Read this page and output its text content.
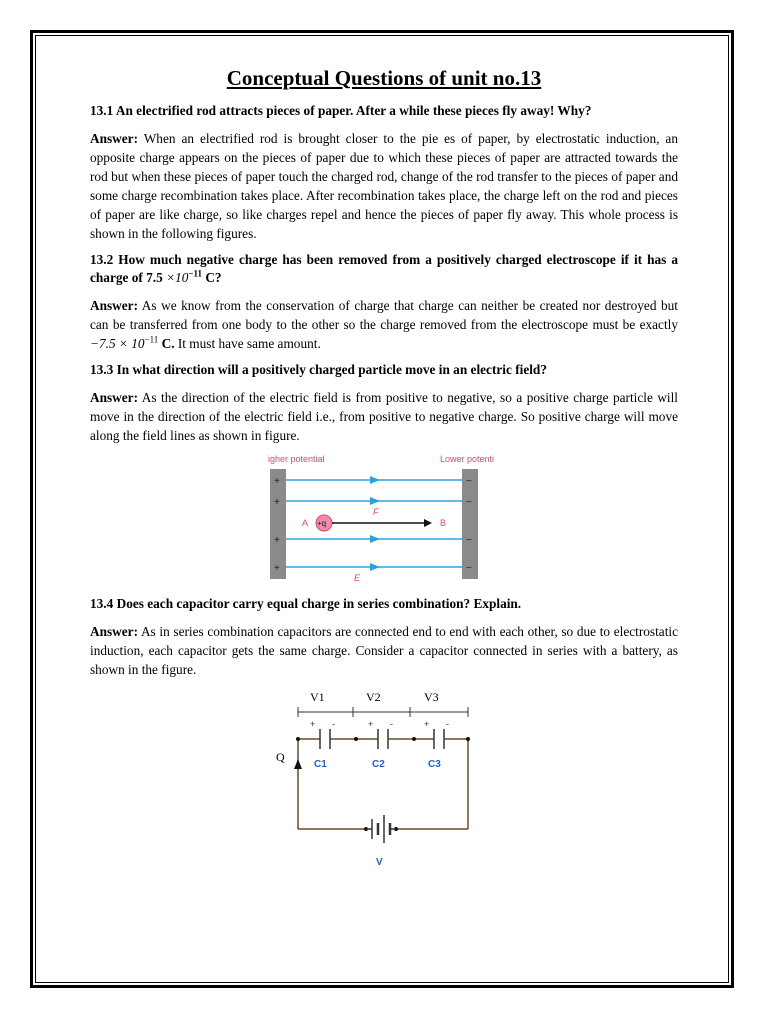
Conceptual Questions of unit no.13

13.1 An electrified rod attracts pieces of paper. After a while these pieces fly away! Why?

Answer: When an electrified rod is brought closer to the pie es of paper, by electrostatic induction, an opposite charge appears on the pieces of paper due to which these pieces of paper are attracted towards the rod but when these pieces of paper touch the charged rod, change of the rod transfer to the pieces of paper and some charge recombination takes place. After recombination takes place, the charge left on the rod and pieces of paper are like charge, so like charges repel and hence the pieces of paper fly away. This whole process is shown in the following figures.

13.2 How much negative charge has been removed from a positively charged electroscope if it has a charge of $7.5 \times 10^{-11}$ C?

Answer: As we know from the conservation of charge that charge can neither be created nor destroyed but can be transferred from one body to the other so the charge removed from the electroscope must be exactly $-7.5 \times 10^{-11}$ C. It must have same amount.

13.3 In what direction will a positively charged particle move in an electric field?

Answer: As the direction of the electric field is from positive to negative, so a positive charge particle will move in the direction of the electric field i.e., from positive to negative charge. So positive charge will move along the field lines as shown in figure.

igher potential	Lower potenti
+
+
+
+
−
−
−
−
A +q
F
B
E

13.4 Does each capacitor carry equal charge in series combination? Explain.

Answer: As in series combination capacitors are connected end to end with each other, so due to electrostatic induction, each capacitor gets the same charge. Consider a capacitor connected in series with a battery, as shown in the figure.

V1	V2	V3
+ -	+ -	+ -
C1	C2	C3
Q
V
